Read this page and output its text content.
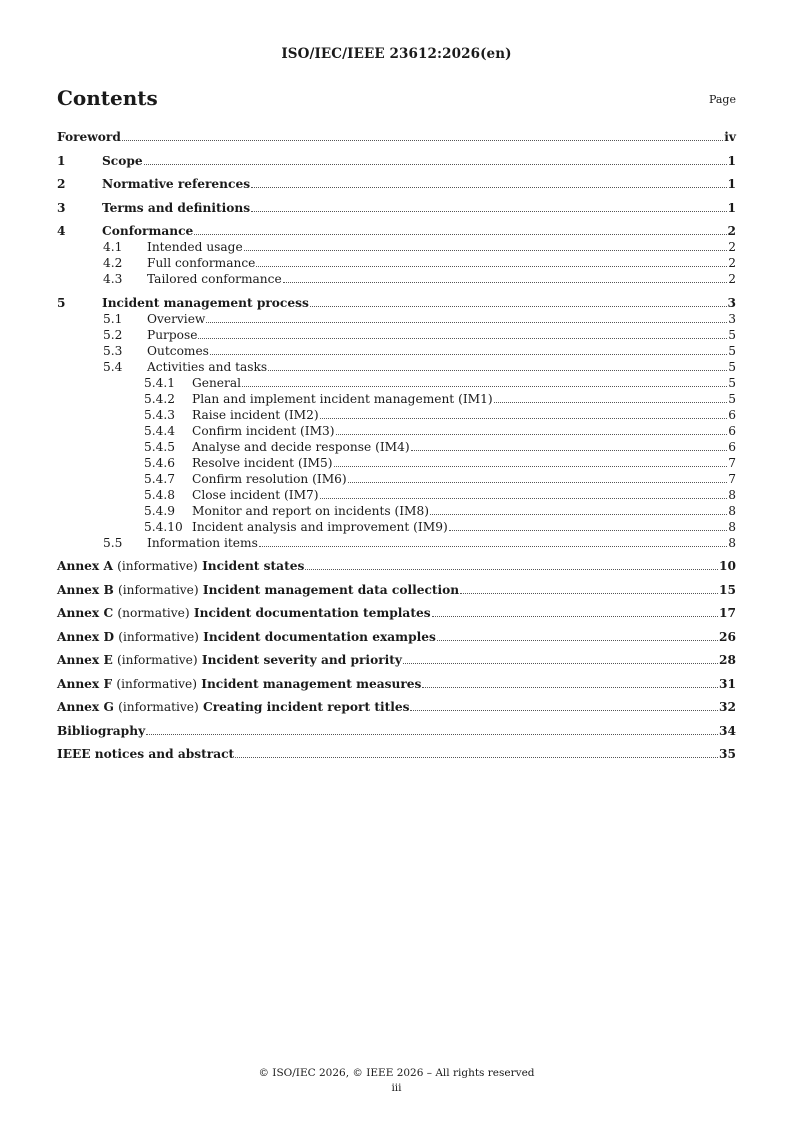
ISO/IEC/IEEE 23612:2026(en)
Contents	Page
Foreword	iv
1	Scope	1
2	Normative references	1
3	Terms and definitions	1
4	Conformance	2
4.1	Intended usage	2
4.2	Full conformance	2
4.3	Tailored conformance	2
5	Incident management process	3
5.1	Overview	3
5.2	Purpose	5
5.3	Outcomes	5
5.4	Activities and tasks	5
5.4.1	General	5
5.4.2	Plan and implement incident management (IM1)	5
5.4.3	Raise incident (IM2)	6
5.4.4	Confirm incident (IM3)	6
5.4.5	Analyse and decide response (IM4)	6
5.4.6	Resolve incident (IM5)	7
5.4.7	Confirm resolution (IM6)	7
5.4.8	Close incident (IM7)	8
5.4.9	Monitor and report on incidents (IM8)	8
5.4.10 Incident analysis and improvement (IM9)	8
5.5	Information items	8
Annex A (informative) Incident states	10
Annex B (informative) Incident management data collection	15
Annex C (normative) Incident documentation templates	17
Annex D (informative) Incident documentation examples	26
Annex E (informative) Incident severity and priority	28
Annex F (informative) Incident management measures	31
Annex G (informative) Creating incident report titles	32
Bibliography	34
IEEE notices and abstract	35
© ISO/IEC 2026, © IEEE 2026 – All rights reserved
iii
